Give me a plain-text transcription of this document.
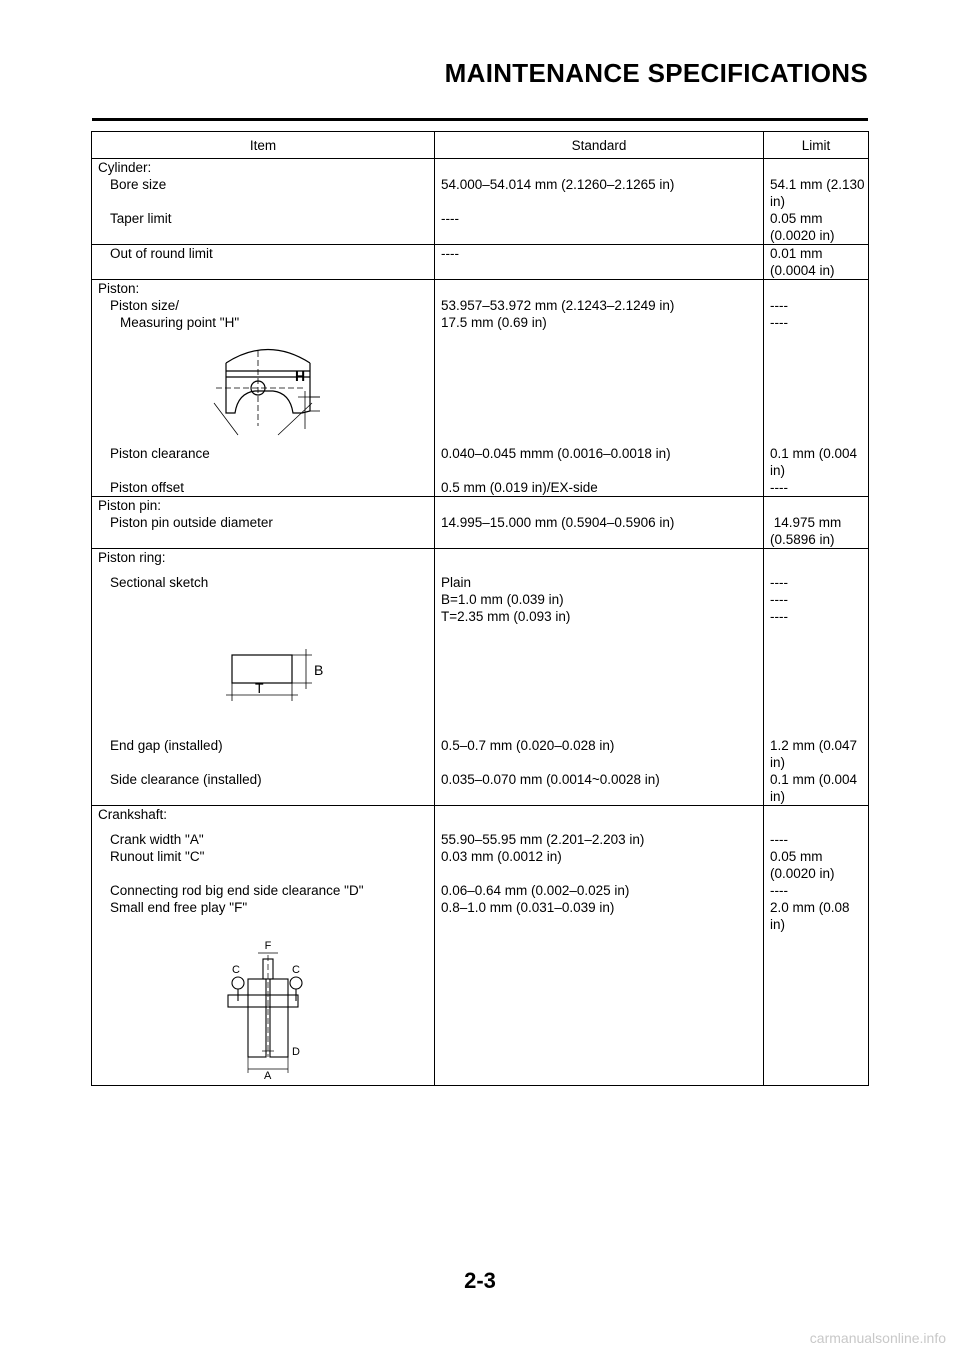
MAINTENANCE SPECIFICATIONS
Item	Standard	Limit
Cylinder:		
Bore size	54.000–54.014 mm (2.1260–2.1265 in)	54.1 mm (2.130 in)
Taper limit	----	0.05 mm (0.0020 in)
Out of round limit	----	0.01 mm (0.0004 in)
Piston:		
Piston size/	53.957–53.972 mm (2.1243–2.1249 in)	----
Measuring point "H"	17.5 mm (0.69 in)	----

H		

Piston clearance	0.040–0.045 mmm (0.0016–0.0018 in)	0.1 mm (0.004 in)
Piston offset	0.5 mm (0.019 in)/EX-side	----
Piston pin:		
Piston pin outside diameter	14.995–15.000 mm (0.5904–0.5906 in)	14.975 mm (0.5896 in)
Piston ring:		
Sectional sketch	Plain	----
	B=1.0 mm (0.039 in)	----
	T=2.35 mm (0.093 in)	----

B
T		

End gap (installed)	0.5–0.7 mm (0.020–0.028 in)	1.2 mm (0.047 in)
Side clearance (installed)	0.035–0.070 mm (0.0014~0.0028 in)	0.1 mm (0.004 in)
Crankshaft:		
Crank width "A"	55.90–55.95 mm (2.201–2.203 in)	----
Runout limit "C"	0.03 mm (0.0012 in)	0.05 mm (0.0020 in)
Connecting rod big end side clearance "D"	0.06–0.64 mm (0.002–0.025 in)	----
Small end free play "F"	0.8–1.0 mm (0.031–0.039 in)	2.0 mm (0.08 in)

F
C C
D
A		

2-3
carmanualsonline.info
